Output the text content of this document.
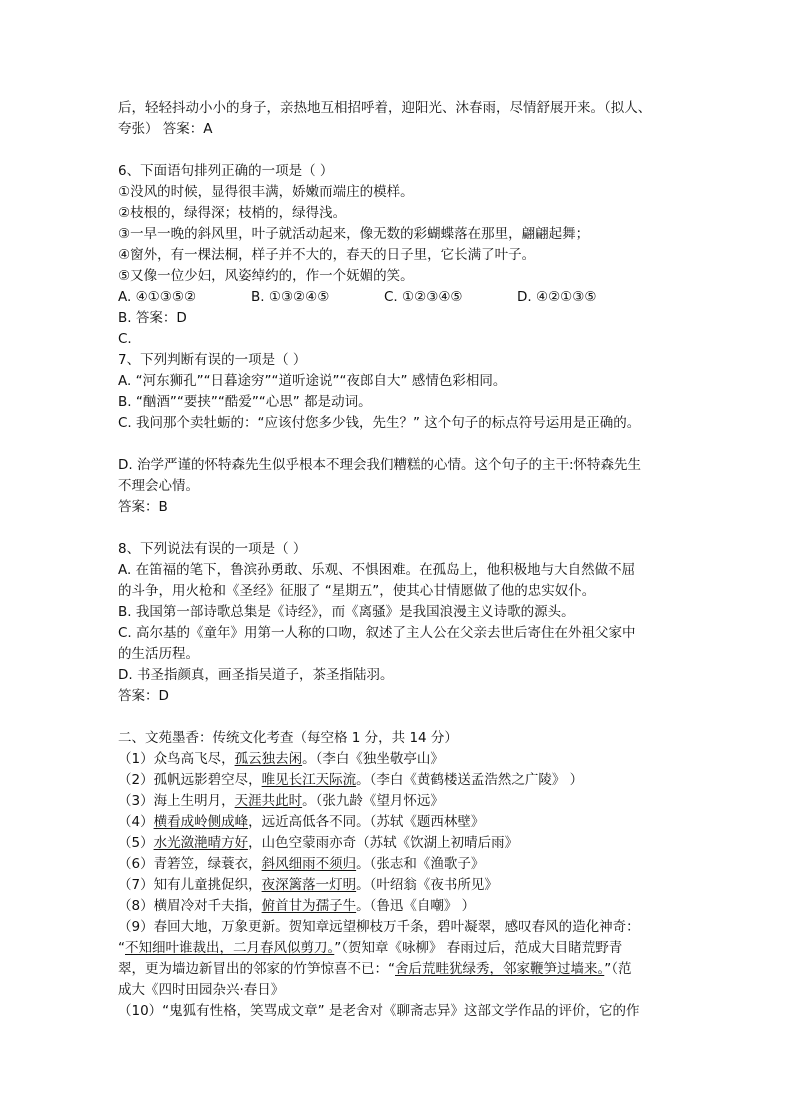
后，轻轻抖动小小的身子，亲热地互相招呼着，迎阳光、沐春雨，尽情舒展开来。（拟人、
夸张） 答案：A
6、下面语句排列正确的一项是（ ）
①没风的时候，显得很丰满，娇嫩而端庄的模样。
②枝根的，绿得深；枝梢的，绿得浅。
③一早一晚的斜风里，叶子就活动起来，像无数的彩蝴蝶落在那里，翩翩起舞；
④窗外，有一棵法桐，样子并不大的，春天的日子里，它长满了叶子。
⑤又像一位少妇，风姿绰约的，作一个妩媚的笑。
A. ④①③⑤②	B. ①③②④⑤	C. ①②③④⑤	D. ④②①③⑤
B. 答案：D
C.
7、下列判断有误的一项是（ ）
A. “河东狮孔”“日暮途穷”“道听途说”“夜郎自大” 感情色彩相同。
B. “酗酒”“要挟”“酷爱”“心思” 都是动词。
C. 我问那个卖牡蛎的：“应该付您多少钱，先生？” 这个句子的标点符号运用是正确的。
D. 治学严谨的怀特森先生似乎根本不理会我们糟糕的心情。这个句子的主干:怀特森先生
不理会心情。
答案：B
8、下列说法有误的一项是（ ）
A. 在笛福的笔下，鲁滨孙勇敢、乐观、不惧困难。在孤岛上，他积极地与大自然做不屈
的斗争，用火枪和《圣经》征服了 “星期五”，使其心甘情愿做了他的忠实奴仆。
B. 我国第一部诗歌总集是《诗经》，而《离骚》是我国浪漫主义诗歌的源头。
C. 高尔基的《童年》用第一人称的口吻，叙述了主人公在父亲去世后寄住在外祖父家中
的生活历程。
D. 书圣指颜真，画圣指吴道子，茶圣指陆羽。
答案：D
二、文苑墨香：传统文化考查（每空格 1 分，共 14 分）
（1）众鸟高飞尽，孤云独去闲。（李白《独坐敬亭山》
（2）孤帆远影碧空尽，唯见长江天际流。（李白《黄鹤楼送孟浩然之广陵》 ）
（3）海上生明月，天涯共此时。（张九龄《望月怀远》
（4）横看成岭侧成峰，远近高低各不同。（苏轼《题西林壁》
（5）水光潋滟晴方好，山色空蒙雨亦奇（苏轼《饮湖上初晴后雨》
（6）青箬笠，绿蓑衣，斜风细雨不须归。（张志和《渔歌子》
（7）知有儿童挑促织，夜深篱落一灯明。（叶绍翁《夜书所见》
（8）横眉冷对千夫指，俯首甘为孺子牛。（鲁迅《自嘲》 ）
（9）春回大地，万象更新。贺知章远望柳枝万千条，碧叶凝翠，感叹春风的造化神奇：
“不知细叶谁裁出，二月春风似剪刀。”（贺知章《咏柳》 春雨过后，范成大目睹荒野青
翠，更为墙边新冒出的邻家的竹笋惊喜不已：“舍后荒畦犹绿秀，邻家鞭笋过墙来。”（范
成大《四时田园杂兴·春日》
（10）“鬼狐有性格，笑骂成文章” 是老舍对《聊斋志异》这部文学作品的评价，它的作
